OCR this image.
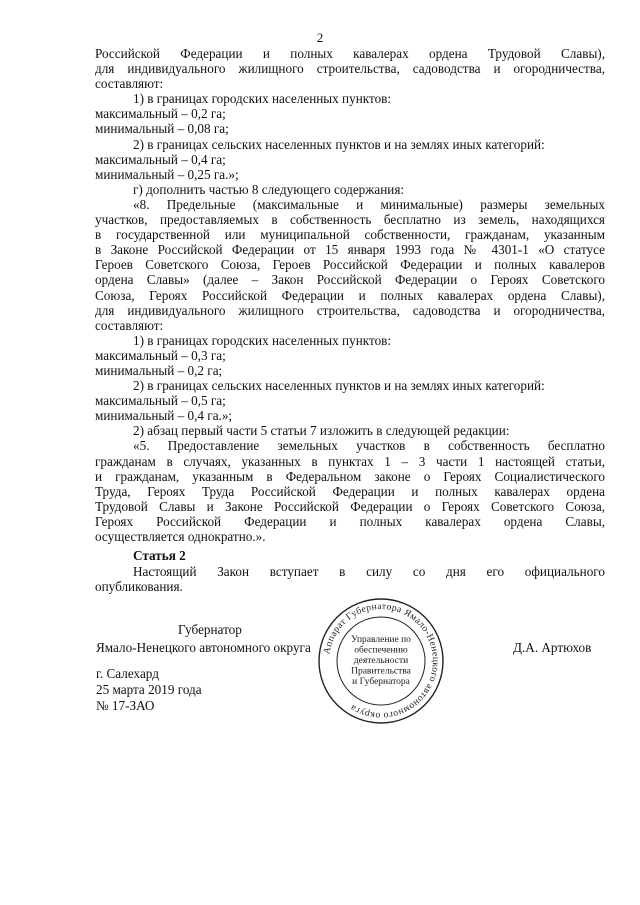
2
Российской Федерации и полных кавалерах ордена Трудовой Славы),
для индивидуального жилищного строительства, садоводства и огородничества,
составляют:
1) в границах городских населенных пунктов:
максимальный – 0,2 га;
минимальный – 0,08 га;
2) в границах сельских населенных пунктов и на землях иных категорий:
максимальный – 0,4 га;
минимальный – 0,25 га.»;
г) дополнить частью 8 следующего содержания:
«8. Предельные (максимальные и минимальные) размеры земельных
участков, предоставляемых в собственность бесплатно из земель, находящихся
в государственной или муниципальной собственности, гражданам, указанным
в Законе Российской Федерации от 15 января 1993 года № 4301-1 «О статусе
Героев Советского Союза, Героев Российской Федерации и полных кавалеров
ордена Славы» (далее – Закон Российской Федерации о Героях Советского
Союза, Героях Российской Федерации и полных кавалерах ордена Славы),
для индивидуального жилищного строительства, садоводства и огородничества,
составляют:
1) в границах городских населенных пунктов:
максимальный – 0,3 га;
минимальный – 0,2 га;
2) в границах сельских населенных пунктов и на землях иных категорий:
максимальный – 0,5 га;
минимальный – 0,4 га.»;
2) абзац первый части 5 статьи 7 изложить в следующей редакции:
«5. Предоставление земельных участков в собственность бесплатно
гражданам в случаях, указанных в пунктах 1 – 3 части 1 настоящей статьи,
и гражданам, указанным в Федеральном законе о Героях Социалистического
Труда, Героях Труда Российской Федерации и полных кавалерах ордена
Трудовой Славы и Законе Российской Федерации о Героях Советского Союза,
Героях Российской Федерации и полных кавалерах ордена Славы,
осуществляется однократно.».
Статья 2
Настоящий Закон вступает в силу со дня его официального
опубликования.
Губернатор
Ямало-Ненецкого автономного округа	Д.А. Артюхов
г. Салехард
25 марта 2019 года
№ 17-ЗАО
Аппарат Губернатора Ямало-Ненецкого автономного округа
Управление по
обеспечению
деятельности
Правительства
и Губернатора
